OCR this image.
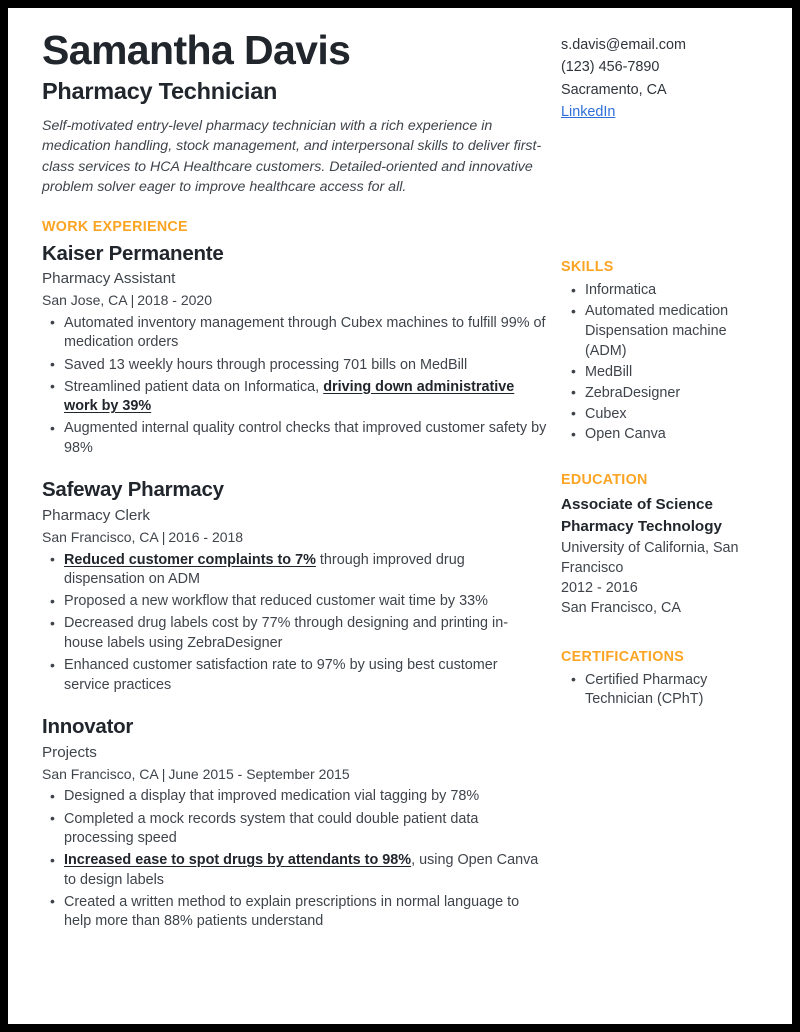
Samantha Davis
Pharmacy Technician

Self-motivated entry-level pharmacy technician with a rich experience in medication handling, stock management, and interpersonal skills to deliver first-class services to HCA Healthcare customers. Detailed-oriented and innovative problem solver eager to improve healthcare access for all.

WORK EXPERIENCE
Kaiser Permanente
Pharmacy Assistant
San Jose, CA | 2018 - 2020
• Automated inventory management through Cubex machines to fulfill 99% of medication orders
• Saved 13 weekly hours through processing 701 bills on MedBill
• Streamlined patient data on Informatica, driving down administrative work by 39%
• Augmented internal quality control checks that improved customer safety by 98%
Safeway Pharmacy
Pharmacy Clerk
San Francisco, CA | 2016 - 2018
• Reduced customer complaints to 7% through improved drug dispensation on ADM
• Proposed a new workflow that reduced customer wait time by 33%
• Decreased drug labels cost by 77% through designing and printing in-house labels using ZebraDesigner
• Enhanced customer satisfaction rate to 97% by using best customer service practices
Innovator
Projects
San Francisco, CA | June 2015 - September 2015
• Designed a display that improved medication vial tagging by 78%
• Completed a mock records system that could double patient data processing speed
• Increased ease to spot drugs by attendants to 98%, using Open Canva to design labels
• Created a written method to explain prescriptions in normal language to help more than 88% patients understand
s.davis@email.com
(123) 456-7890
Sacramento, CA
LinkedIn
SKILLS
• Informatica
• Automated medication Dispensation machine (ADM)
• MedBill
• ZebraDesigner
• Cubex
• Open Canva
EDUCATION
Associate of Science
Pharmacy Technology
University of California, San Francisco
2012 - 2016
San Francisco, CA
CERTIFICATIONS
• Certified Pharmacy Technician (CPhT)
